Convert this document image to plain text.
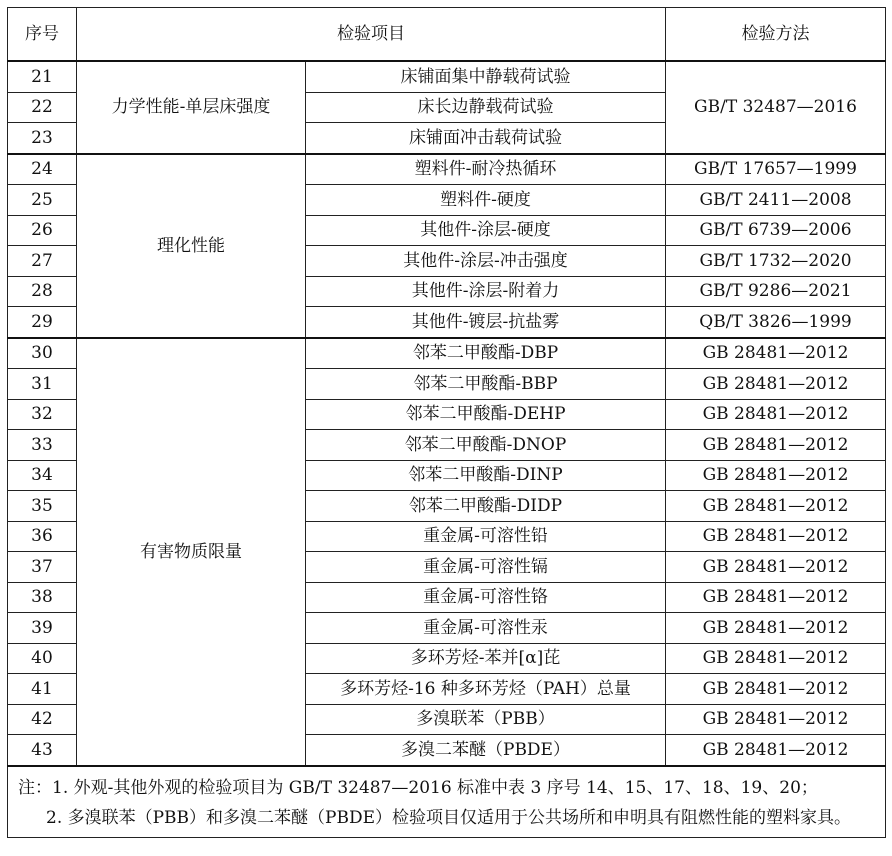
序号	检验项目		检验方法
21	力学性能-单层床强度	床铺面集中静载荷试验	GB/T 32487—2016
22		床长边静载荷试验	
23		床铺面冲击载荷试验	
24	理化性能	塑料件-耐冷热循环	GB/T 17657—1999
25		塑料件-硬度	GB/T 2411—2008
26		其他件-涂层-硬度	GB/T 6739—2006
27		其他件-涂层-冲击强度	GB/T 1732—2020
28		其他件-涂层-附着力	GB/T 9286—2021
29		其他件-镀层-抗盐雾	QB/T 3826—1999
30	有害物质限量	邻苯二甲酸酯-DBP	GB 28481—2012
31		邻苯二甲酸酯-BBP	GB 28481—2012
32		邻苯二甲酸酯-DEHP	GB 28481—2012
33		邻苯二甲酸酯-DNOP	GB 28481—2012
34		邻苯二甲酸酯-DINP	GB 28481—2012
35		邻苯二甲酸酯-DIDP	GB 28481—2012
36		重金属-可溶性铅	GB 28481—2012
37		重金属-可溶性镉	GB 28481—2012
38		重金属-可溶性铬	GB 28481—2012
39		重金属-可溶性汞	GB 28481—2012
40		多环芳烃-苯并[α]芘	GB 28481—2012
41		多环芳烃-16 种多环芳烃（PAH）总量	GB 28481—2012
42		多溴联苯（PBB）	GB 28481—2012
43		多溴二苯醚（PBDE）	GB 28481—2012

注：1. 外观-其他外观的检验项目为 GB/T 32487—2016 标准中表 3 序号 14、15、17、18、19、20；
2. 多溴联苯（PBB）和多溴二苯醚（PBDE）检验项目仅适用于公共场所和申明具有阻燃性能的塑料家具。			
